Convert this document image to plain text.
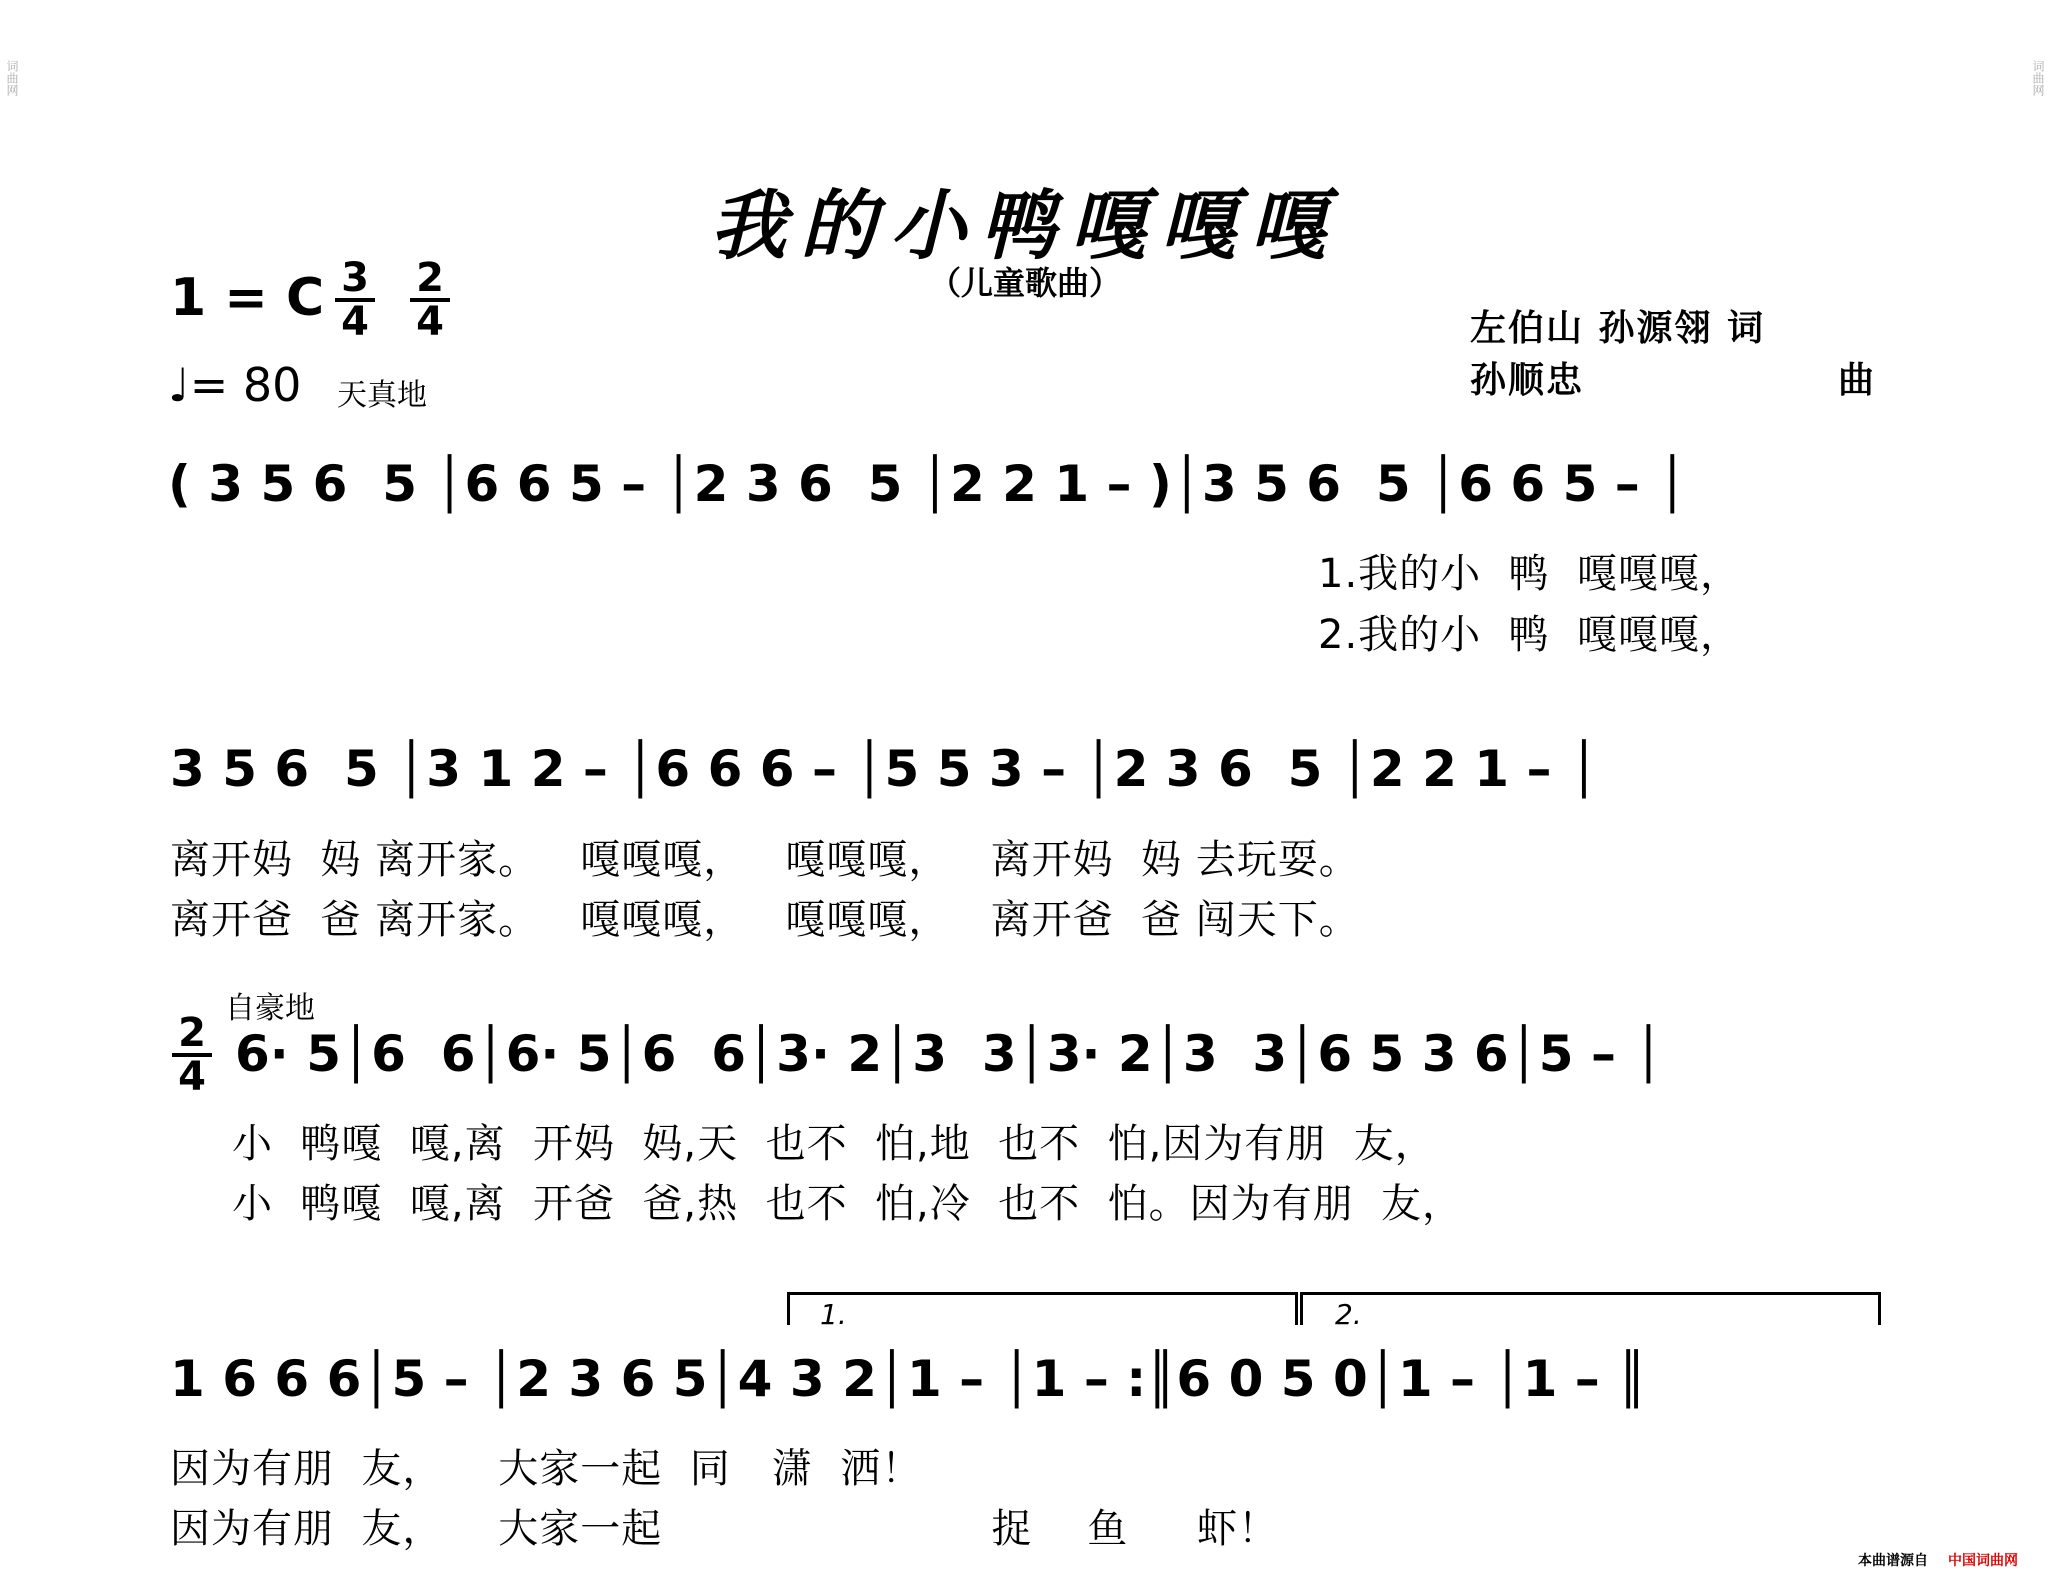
我的小鸭嘎嘎嘎
（儿童歌曲）
左伯山 孙源翎 词
孙顺忠	曲
1 = C 3
4
2
4
♩= 80 天真地
( 3 5 6  5 │6 6 5 – │2 3 6  5 │2 2 1 – )│3 5 6  5 │6 6 5 – │
1.我的小  鸭  嘎嘎嘎，
2.我的小  鸭  嘎嘎嘎，
3 5 6  5 │3 1 2 – │6 6 6 – │5 5 3 – │2 3 6  5 │2 2 1 – │
离开妈  妈 离开家。   嘎嘎嘎，   嘎嘎嘎，   离开妈  妈 去玩耍。
离开爸  爸 离开家。   嘎嘎嘎，   嘎嘎嘎，   离开爸  爸 闯天下。
自豪地
2
4 6· 5│6  6│6· 5│6  6│3· 2│3  3│3· 2│3  3│6 5 3 6│5 – │
小  鸭嘎  嘎,离  开妈  妈,天  也不  怕,地  也不  怕,因为有朋  友，
小  鸭嘎  嘎,离  开爸  爸,热  也不  怕,冷  也不  怕。因为有朋  友，
1.	2.
1 6 6 6│5 – │2 3 6 5│4 3 2│1 – │1 – :║6 0 5 0│1 – │1 – ║
因为有朋  友，    大家一起  同   潇  洒！
因为有朋  友，    大家一起                        捉    鱼     虾！
词曲网	词曲网
本曲谱源自 中国词曲网
